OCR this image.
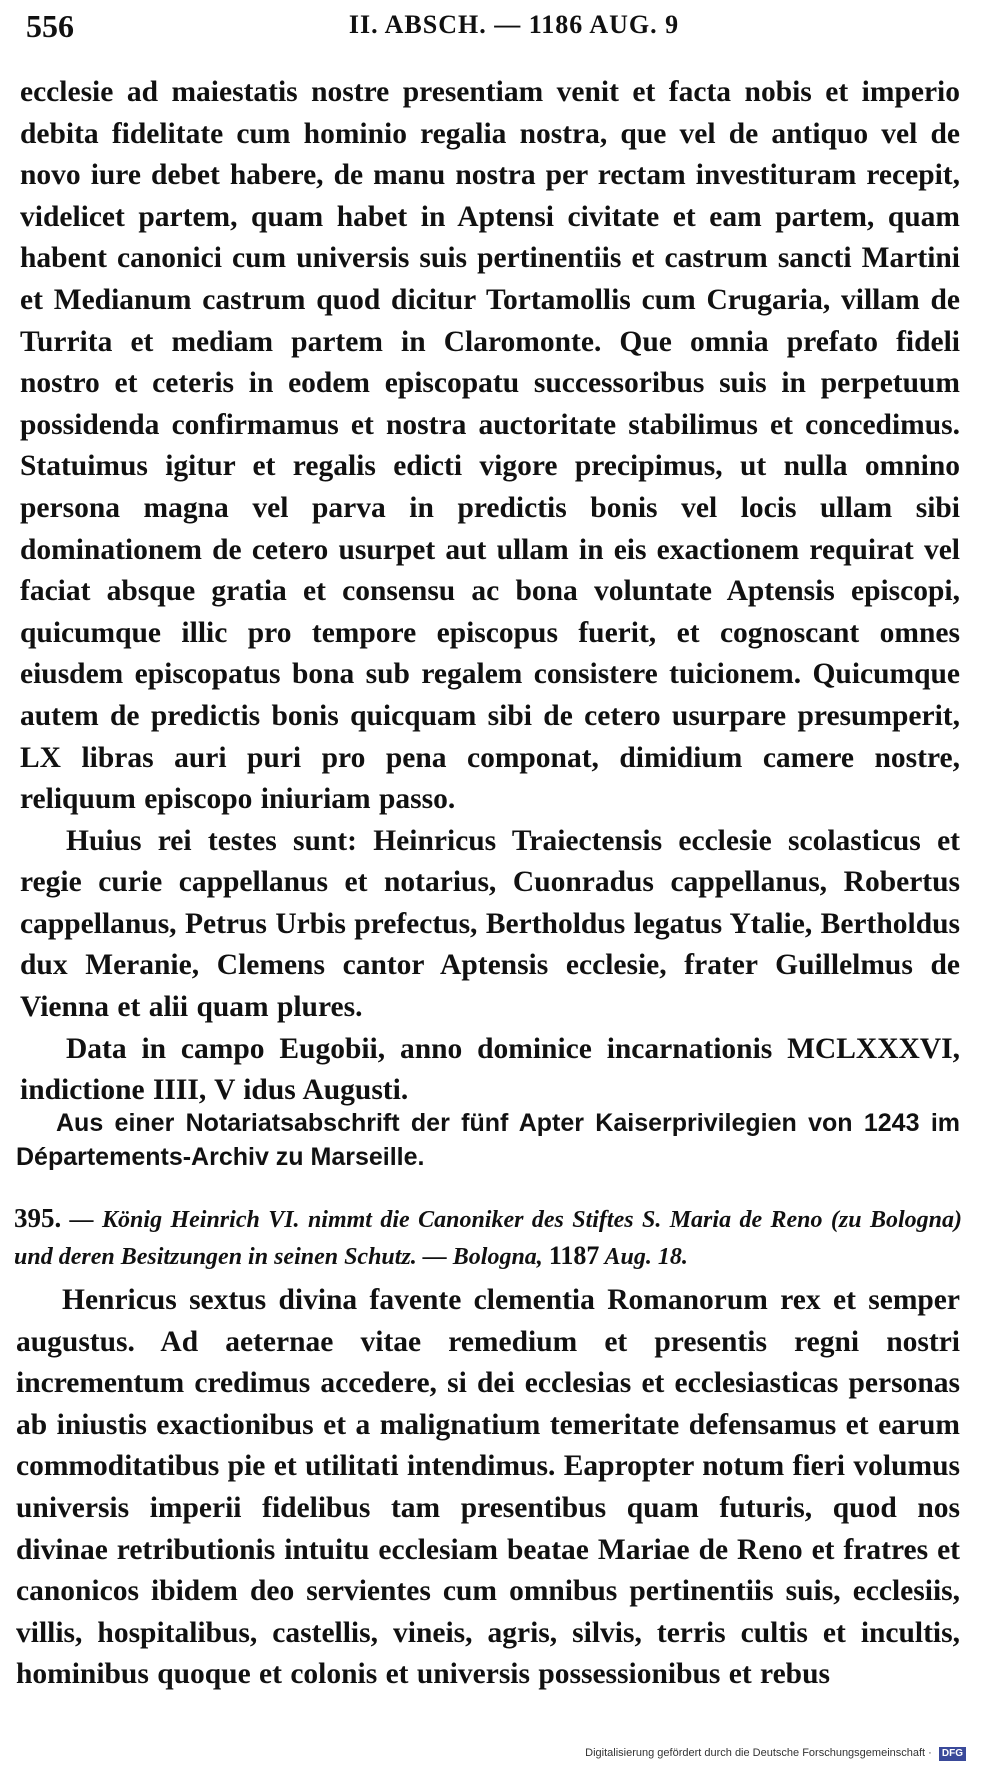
556	II. ABSCH. — 1186 AUG. 9

ecclesie ad maiestatis nostre presentiam venit et facta nobis et imperio debita fidelitate cum hominio regalia nostra, que vel de antiquo vel de novo iure debet habere, de manu nostra per rectam investituram recepit, videlicet partem, quam habet in Aptensi civitate et eam partem, quam habent canonici cum universis suis pertinentiis et castrum sancti Martini et Medianum castrum quod dicitur Tortamollis cum Crugaria, villam de Turrita et mediam partem in Claromonte. Que omnia prefato fideli nostro et ceteris in eodem episcopatu successoribus suis in perpetuum possidenda confirmamus et nostra auctoritate stabilimus et concedimus. Statuimus igitur et regalis edicti vigore precipimus, ut nulla omnino persona magna vel parva in predictis bonis vel locis ullam sibi dominationem de cetero usurpet aut ullam in eis exactionem requirat vel faciat absque gratia et consensu ac bona voluntate Aptensis episcopi, quicumque illic pro tempore episcopus fuerit, et cognoscant omnes eiusdem episcopatus bona sub regalem consistere tuicionem. Quicumque autem de predictis bonis quicquam sibi de cetero usurpare presumperit, LX libras auri puri pro pena componat, dimidium camere nostre, reliquum episcopo iniuriam passo.

Huius rei testes sunt: Heinricus Traiectensis ecclesie scolasticus et regie curie cappellanus et notarius, Cuonradus cappellanus, Robertus cappellanus, Petrus Urbis prefectus, Bertholdus legatus Ytalie, Bertholdus dux Meranie, Clemens cantor Aptensis ecclesie, frater Guillelmus de Vienna et alii quam plures.

Data in campo Eugobii, anno dominice incarnationis MCLXXXVI, indictione IIII, V idus Augusti.

Aus einer Notariatsabschrift der fünf Apter Kaiserprivilegien von 1243 im Départements-Archiv zu Marseille.
395. — König Heinrich VI. nimmt die Canoniker des Stiftes S. Maria de Reno (zu Bologna) und deren Besitzungen in seinen Schutz. — Bologna, 1187 Aug. 18.

Henricus sextus divina favente clementia Romanorum rex et semper augustus. Ad aeternae vitae remedium et presentis regni nostri incrementum credimus accedere, si dei ecclesias et ecclesiasticas personas ab iniustis exactionibus et a malignatium temeritate defensamus et earum commoditatibus pie et utilitati intendimus. Eapropter notum fieri volumus universis imperii fidelibus tam presentibus quam futuris, quod nos divinae retributionis intuitu ecclesiam beatae Mariae de Reno et fratres et canonicos ibidem deo servientes cum omnibus pertinentiis suis, ecclesiis, villis, hospitalibus, castellis, vineis, agris, silvis, terris cultis et incultis, hominibus quoque et colonis et universis possessionibus et rebus

Digitalisierung gefördert durch die Deutsche Forschungsgemeinschaft · DFG
